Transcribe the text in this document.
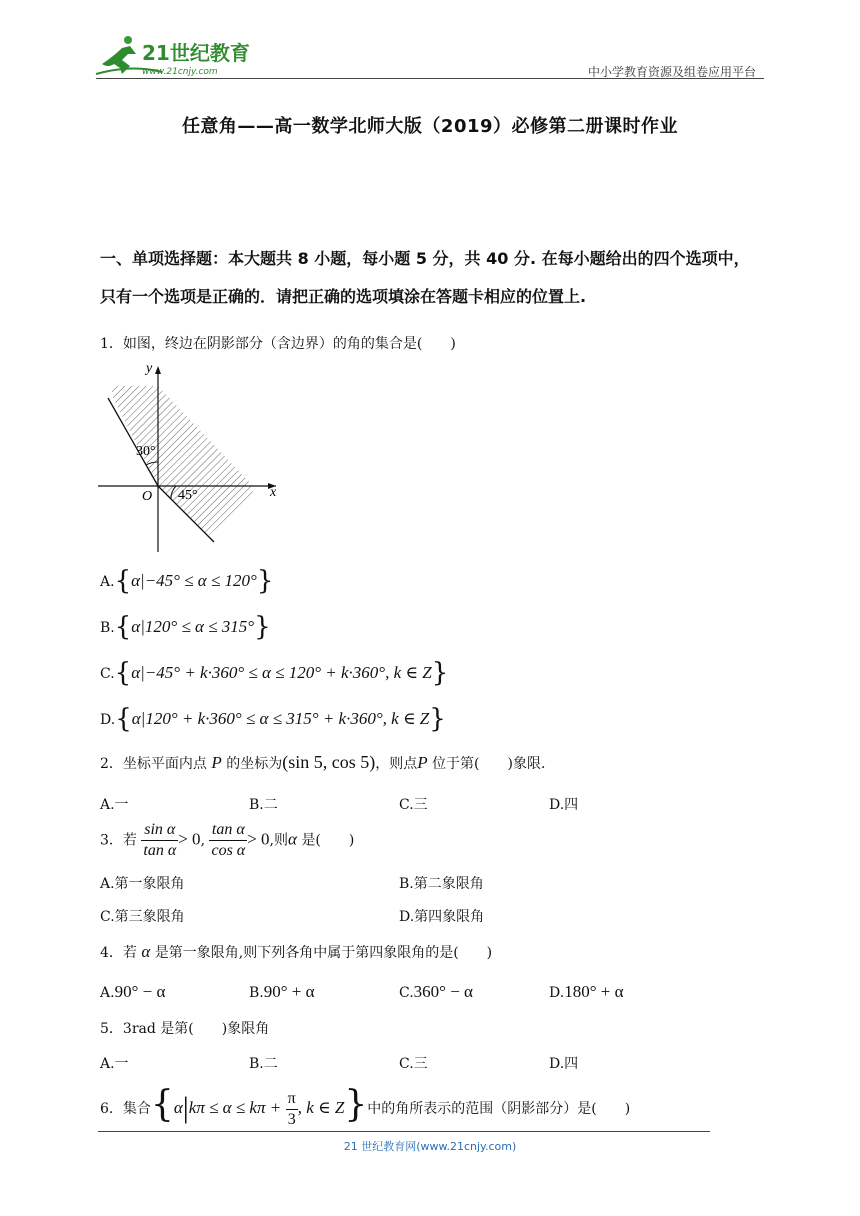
21世纪教育
www.21cnjy.com	中小学教育资源及组卷应用平台
任意角——高一数学北师大版（2019）必修第二册课时作业
一、单项选择题：本大题共 8 小题，每小题 5 分，共 40 分. 在每小题给出的四个选项中，只有一个选项是正确的．请把正确的选项填涂在答题卡相应的位置上.
1．如图，终边在阴影部分（含边界）的角的集合是(　　)
y
x
O
30°
45°
A.{α|−45° ≤ α ≤ 120°}
B.{α|120° ≤ α ≤ 315°}
C.{α|−45° + k·360° ≤ α ≤ 120° + k·360°, k ∈ Z}
D.{α|120° + k·360° ≤ α ≤ 315° + k·360°, k ∈ Z}
2．坐标平面内点 P 的坐标为(sin 5, cos 5)，则点P 位于第(　　)象限.
A.一	B.二	C.三	D.四
3．若 $\frac{\text{sin α}}{\text{tan α}} > 0$, $\frac{\text{tan α}}{\text{cos α}} > 0$,则α 是(　　)
A.第一象限角	B.第二象限角
C.第三象限角	D.第四象限角
4．若 α 是第一象限角,则下列各角中属于第四象限角的是(　　)
A.90° − α	B.90° + α	C.360° − α	D.180° + α
5．3rad 是第(　　)象限角
A.一	B.二	C.三	D.四
6．集合{$\alpha|k\pi \le \alpha \le k\pi + \frac{\pi}{3}$ , k ∈ Z}中的角所表示的范围（阴影部分）是(　　)
21 世纪教育网(www.21cnjy.com)
